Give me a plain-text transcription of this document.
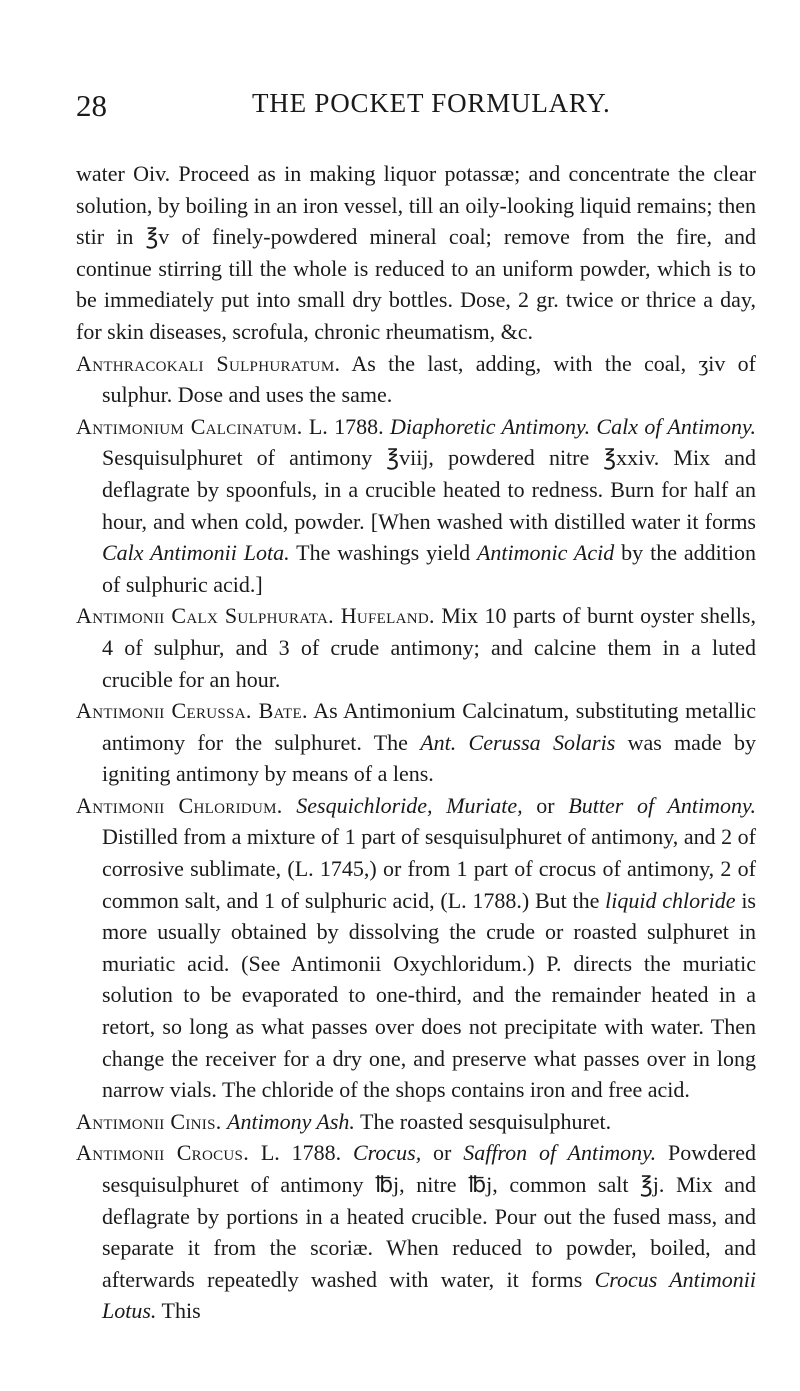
28	THE POCKET FORMULARY.

water Oiv. Proceed as in making liquor potassæ; and concentrate the clear solution, by boiling in an iron vessel, till an oily-looking liquid remains; then stir in ℥v of finely-powdered mineral coal; remove from the fire, and continue stirring till the whole is reduced to an uniform powder, which is to be immediately put into small dry bottles. Dose, 2 gr. twice or thrice a day, for skin diseases, scrofula, chronic rheumatism, &c.

Anthracokali Sulphuratum. As the last, adding, with the coal, ʒiv of sulphur. Dose and uses the same.

Antimonium Calcinatum. L. 1788. Diaphoretic Antimony. Calx of Antimony. Sesquisulphuret of antimony ℥viij, powdered nitre ℥xxiv. Mix and deflagrate by spoonfuls, in a crucible heated to redness. Burn for half an hour, and when cold, powder. [When washed with distilled water it forms Calx Antimonii Lota. The washings yield Antimonic Acid by the addition of sulphuric acid.]

Antimonii Calx Sulphurata. Hufeland. Mix 10 parts of burnt oyster shells, 4 of sulphur, and 3 of crude antimony; and calcine them in a luted crucible for an hour.

Antimonii Cerussa. Bate. As Antimonium Calcinatum, substituting metallic antimony for the sulphuret. The Ant. Cerussa Solaris was made by igniting antimony by means of a lens.

Antimonii Chloridum. Sesquichloride, Muriate, or Butter of Antimony. Distilled from a mixture of 1 part of sesquisulphuret of antimony, and 2 of corrosive sublimate, (L. 1745,) or from 1 part of crocus of antimony, 2 of common salt, and 1 of sulphuric acid, (L. 1788.) But the liquid chloride is more usually obtained by dissolving the crude or roasted sulphuret in muriatic acid. (See Antimonii Oxychloridum.) P. directs the muriatic solution to be evaporated to one-third, and the remainder heated in a retort, so long as what passes over does not precipitate with water. Then change the receiver for a dry one, and preserve what passes over in long narrow vials. The chloride of the shops contains iron and free acid.

Antimonii Cinis. Antimony Ash. The roasted sesquisulphuret.

Antimonii Crocus. L. 1788. Crocus, or Saffron of Antimony. Powdered sesquisulphuret of antimony ℔j, nitre ℔j, common salt ℥j. Mix and deflagrate by portions in a heated crucible. Pour out the fused mass, and separate it from the scoriæ. When reduced to powder, boiled, and afterwards repeatedly washed with water, it forms Crocus Antimonii Lotus. This
